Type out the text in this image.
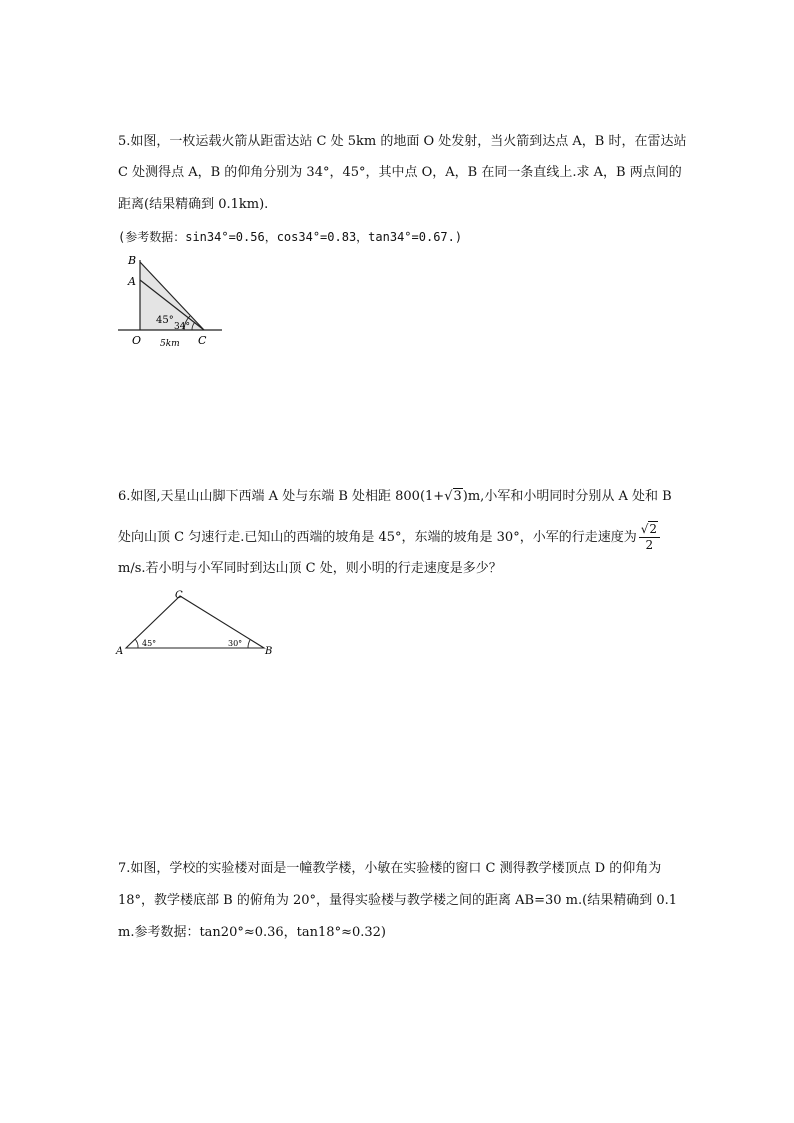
5.如图，一枚运载火箭从距雷达站 C 处 5km 的地面 O 处发射，当火箭到达点 A，B 时，在雷达站
C 处测得点 A，B 的仰角分别为 34°，45°，其中点 O，A，B 在同一条直线上.求 A，B 两点间的
距离(结果精确到 0.1km).
(参考数据：sin34°=0.56，cos34°=0.83，tan34°=0.67.)
B
A
45°
34°
O 5km C
6.如图,天星山山脚下西端 A 处与东端 B 处相距 800(1+√3)m,小军和小明同时分别从 A 处和 B
处向山顶 C 匀速行走.已知山的西端的坡角是 45°，东端的坡角是 30°，小军的行走速度为 $\frac{√2}{2}$
m/s.若小明与小军同时到达山顶 C 处，则小明的行走速度是多少？
C
45°	30°
A	B
7.如图，学校的实验楼对面是一幢教学楼，小敏在实验楼的窗口 C 测得教学楼顶点 D 的仰角为
18°，教学楼底部 B 的俯角为 20°，量得实验楼与教学楼之间的距离 AB=30 m.(结果精确到 0.1
m.参考数据：tan20°≈0.36，tan18°≈0.32)
